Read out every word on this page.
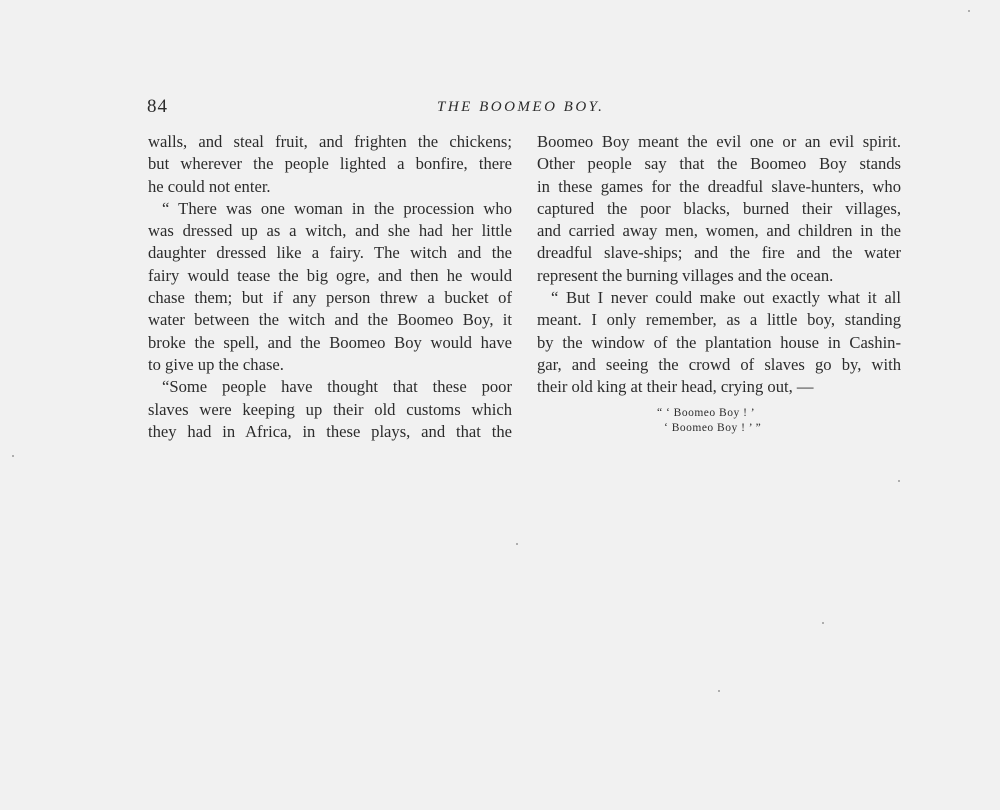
84	THE BOOMEO BOY.

walls, and steal fruit, and frighten the chickens;
but wherever the people lighted a bonfire, there
he could not enter.

“ There was one woman in the procession who

was dressed up as a witch, and she had her little
daughter dressed like a fairy. The witch and the
fairy would tease the big ogre, and then he would
chase them; but if any person threw a bucket of
water between the witch and the Boomeo Boy, it
broke the spell, and the Boomeo Boy would have
to give up the chase.

“Some people have thought that these poor

slaves were keeping up their old customs which
they had in Africa, in these plays, and that the

Boomeo Boy meant the evil one or an evil spirit.
Other people say that the Boomeo Boy stands
in these games for the dreadful slave-hunters, who
captured the poor blacks, burned their villages,
and carried away men, women, and children in the
dreadful slave-ships; and the fire and the water
represent the burning villages and the ocean.

“ But I never could make out exactly what it all

meant. I only remember, as a little boy, standing
by the window of the plantation house in Cashin-
gar, and seeing the crowd of slaves go by, with
their old king at their head, crying out, —

“ ‘ Boomeo Boy ! ’
‘ Boomeo Boy ! ’ ”
